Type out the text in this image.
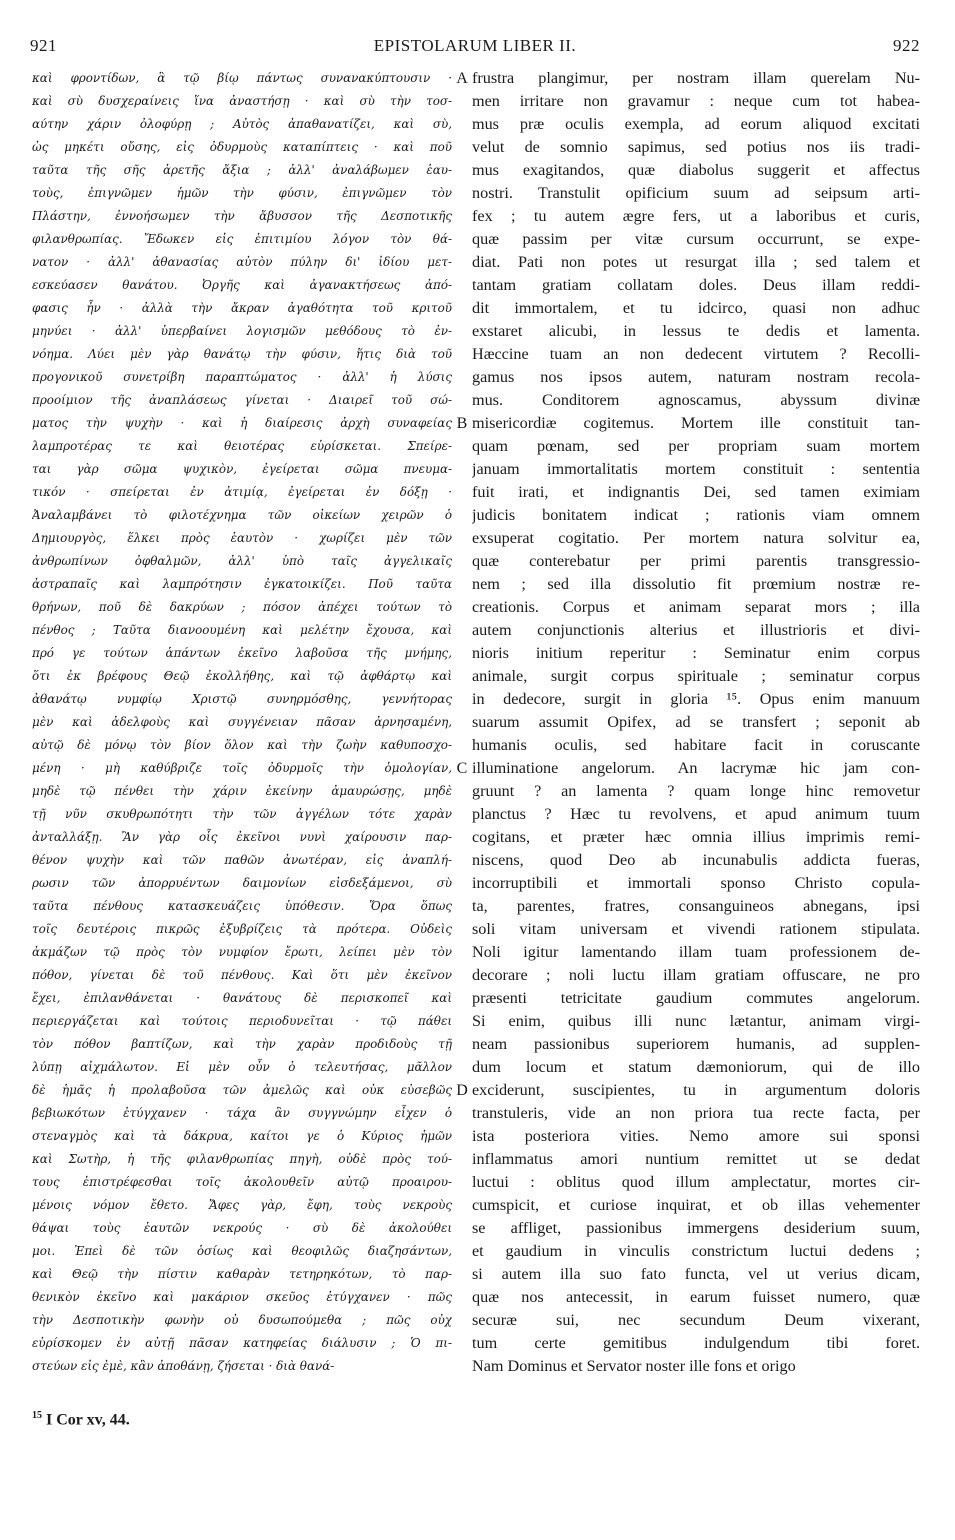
921	EPISTOLARUM LIBER II.	922
καὶ φροντίδων, ἃ τῷ βίῳ πάντως συνανακύπτουσιν ·
καὶ σὺ δυσχεραίνεις ἵνα ἀναστήσῃ · καὶ σὺ τὴν τοσ-
αύτην χάριν ὀλοφύρῃ ; Αὐτὸς ἀπαθανατίζει, καὶ σὺ,
ὡς μηκέτι οὔσης, εἰς ὀδυρμοὺς καταπίπτεις · καὶ ποῦ
ταῦτα τῆς σῆς ἀρετῆς ἄξια ; ἀλλ' ἀναλάβωμεν ἑαυ-
τοὺς, ἐπιγνῶμεν ἡμῶν τὴν φύσιν, ἐπιγνῶμεν τὸν
Πλάστην, ἐννοήσωμεν τὴν ἄβυσσον τῆς Δεσποτικῆς
φιλανθρωπίας. Ἔδωκεν εἰς ἐπιτιμίου λόγον τὸν θά-
νατον · ἀλλ' ἀθανασίας αὐτὸν πύλην δι' ἰδίου μετ-
εσκεύασεν θανάτου. Ὀργῆς καὶ ἀγανακτήσεως ἀπό-
φασις ἦν · ἀλλὰ τὴν ἄκραν ἀγαθότητα τοῦ κριτοῦ
μηνύει · ἀλλ' ὑπερβαίνει λογισμῶν μεθόδους τὸ ἐν-
νόημα. Λύει μὲν γὰρ θανάτῳ τὴν φύσιν, ἥτις διὰ τοῦ
προγονικοῦ συνετρίβη παραπτώματος · ἀλλ' ἡ λύσις
προοίμιον τῆς ἀναπλάσεως γίνεται · Διαιρεῖ τοῦ σώ-
ματος τὴν ψυχὴν · καὶ ἡ διαίρεσις ἀρχὴ συναφείας
λαμπροτέρας τε καὶ θειοτέρας εὑρίσκεται. Σπείρε-
ται γὰρ σῶμα ψυχικὸν, ἐγείρεται σῶμα πνευμα-
τικόν · σπείρεται ἐν ἀτιμίᾳ, ἐγείρεται ἐν δόξῃ ·
Ἀναλαμβάνει τὸ φιλοτέχνημα τῶν οἰκείων χειρῶν ὁ
Δημιουργὸς, ἕλκει πρὸς ἑαυτὸν · χωρίζει μὲν τῶν
ἀνθρωπίνων ὀφθαλμῶν, ἀλλ' ὑπὸ ταῖς ἀγγελικαῖς
ἀστραπαῖς καὶ λαμπρότησιν ἐγκατοικίζει. Ποῦ ταῦτα
θρήνων, ποῦ δὲ δακρύων ; πόσον ἀπέχει τούτων τὸ
πένθος ; Ταῦτα διανοουμένη καὶ μελέτην ἔχουσα, καὶ
πρό γε τούτων ἁπάντων ἐκεῖνο λαβοῦσα τῆς μνήμης,
ὅτι ἐκ βρέφους Θεῷ ἐκολλήθης, καὶ τῷ ἀφθάρτῳ καὶ
ἀθανάτῳ νυμφίῳ Χριστῷ συνηρμόσθης, γεννήτορας
μὲν καὶ ἀδελφοὺς καὶ συγγένειαν πᾶσαν ἀρνησαμένη,
αὐτῷ δὲ μόνῳ τὸν βίον ὅλον καὶ τὴν ζωὴν καθυποσχο-
μένη · μὴ καθύβριζε τοῖς ὀδυρμοῖς τὴν ὁμολογίαν,
μηδὲ τῷ πένθει τὴν χάριν ἐκείνην ἀμαυρώσῃς, μηδὲ
τῇ νῦν σκυθρωπότητι τὴν τῶν ἀγγέλων τότε χαρὰν
ἀνταλλάξῃ. Ἂν γὰρ οἷς ἐκεῖνοι νυνὶ χαίρουσιν παρ-
θένον ψυχὴν καὶ τῶν παθῶν ἀνωτέραν, εἰς ἀναπλή-
ρωσιν τῶν ἀπορρυέντων δαιμονίων εἰσδεξάμενοι, σὺ
ταῦτα πένθους κατασκευάζεις ὑπόθεσιν. Ὅρα ὅπως
τοῖς δευτέροις πικρῶς ἐξυβρίζεις τὰ πρότερα. Οὐδεὶς
ἀκμάζων τῷ πρὸς τὸν νυμφίον ἔρωτι, λείπει μὲν τὸν
πόθον, γίνεται δὲ τοῦ πένθους. Καὶ ὅτι μὲν ἐκεῖνον
ἔχει, ἐπιλανθάνεται · θανάτους δὲ περισκοπεῖ καὶ
περιεργάζεται καὶ τούτοις περιοδυνεῖται · τῷ πάθει
τὸν πόθον βαπτίζων, καὶ τὴν χαρὰν προδιδοὺς τῇ
λύπῃ αἰχμάλωτον. Εἰ μὲν οὖν ὁ τελευτήσας, μᾶλλον
δὲ ἡμᾶς ἡ προλαβοῦσα τῶν ἀμελῶς καὶ οὐκ εὐσεβῶς
βεβιωκότων ἐτύγχανεν · τάχα ἂν συγγνώμην εἶχεν ὁ
στεναγμὸς καὶ τὰ δάκρυα, καίτοι γε ὁ Κύριος ἡμῶν
καὶ Σωτὴρ, ἡ τῆς φιλανθρωπίας πηγὴ, οὐδὲ πρὸς τού-
τους ἐπιστρέφεσθαι τοῖς ἀκολουθεῖν αὐτῷ προαιρου-
μένοις νόμον ἔθετο. Ἄφες γὰρ, ἔφη, τοὺς νεκροὺς
θάψαι τοὺς ἑαυτῶν νεκρούς · σὺ δὲ ἀκολούθει
μοι. Ἐπεὶ δὲ τῶν ὁσίως καὶ θεοφιλῶς διαζησάντων,
καὶ Θεῷ τὴν πίστιν καθαρὰν τετηρηκότων, τὸ παρ-
θενικὸν ἐκεῖνο καὶ μακάριον σκεῦος ἐτύγχανεν · πῶς
τὴν Δεσποτικὴν φωνὴν οὐ δυσωπούμεθα ; πῶς οὐχ
εὑρίσκομεν ἐν αὐτῇ πᾶσαν κατηφείας διάλυσιν ; Ὁ πι-
στεύων εἰς ἐμὲ, κἂν ἀποθάνῃ, ζήσεται · διὰ θανά-
A
B
C
D
frustra plangimur, per nostram illam querelam Nu-
men irritare non gravamur : neque cum tot habea-
mus præ oculis exempla, ad eorum aliquod excitati
velut de somnio sapimus, sed potius nos iis tradi-
mus exagitandos, quæ diabolus suggerit et affectus
nostri. Transtulit opificium suum ad seipsum arti-
fex ; tu autem ægre fers, ut a laboribus et curis,
quæ passim per vitæ cursum occurrunt, se expe-
diat. Pati non potes ut resurgat illa ; sed talem et
tantam gratiam collatam doles. Deus illam reddi-
dit immortalem, et tu idcirco, quasi non adhuc
exstaret alicubi, in lessus te dedis et lamenta.
Hæccine tuam an non dedecent virtutem ? Recolli-
gamus nos ipsos autem, naturam nostram recola-
mus. Conditorem agnoscamus, abyssum divinæ
misericordiæ cogitemus. Mortem ille constituit tan-
quam pœnam, sed per propriam suam mortem
januam immortalitatis mortem constituit : sententia
fuit irati, et indignantis Dei, sed tamen eximiam
judicis bonitatem indicat ; rationis viam omnem
exsuperat cogitatio. Per mortem natura solvitur ea,
quæ conterebatur per primi parentis transgressio-
nem ; sed illa dissolutio fit prœmium nostræ re-
creationis. Corpus et animam separat mors ; illa
autem conjunctionis alterius et illustrioris et divi-
nioris initium reperitur : Seminatur enim corpus
animale, surgit corpus spirituale ; seminatur corpus
in dedecore, surgit in gloria ¹⁵. Opus enim manuum
suarum assumit Opifex, ad se transfert ; seponit ab
humanis oculis, sed habitare facit in coruscante
illuminatione angelorum. An lacrymæ hic jam con-
gruunt ? an lamenta ? quam longe hinc removetur
planctus ? Hæc tu revolvens, et apud animum tuum
cogitans, et præter hæc omnia illius imprimis remi-
niscens, quod Deo ab incunabulis addicta fueras,
incorruptibili et immortali sponso Christo copula-
ta, parentes, fratres, consanguineos abnegans, ipsi
soli vitam universam et vivendi rationem stipulata.
Noli igitur lamentando illam tuam professionem de-
decorare ; noli luctu illam gratiam offuscare, ne pro
præsenti tetricitate gaudium commutes angelorum.
Si enim, quibus illi nunc lætantur, animam virgi-
neam passionibus superiorem humanis, ad supplen-
dum locum et statum dæmoniorum, qui de illo
exciderunt, suscipientes, tu in argumentum doloris
transtuleris, vide an non priora tua recte facta, per
ista posteriora vities. Nemo amore sui sponsi
inflammatus amori nuntium remittet ut se dedat
luctui : oblitus quod illum amplectatur, mortes cir-
cumspicit, et curiose inquirat, et ob illas vehementer
se affliget, passionibus immergens desiderium suum,
et gaudium in vinculis constrictum luctui dedens ;
si autem illa suo fato functa, vel ut verius dicam,
quæ nos antecessit, in earum fuisset numero, quæ
securæ sui, nec secundum Deum vixerant,
tum certe gemitibus indulgendum tibi foret.
Nam Dominus et Servator noster ille fons et origo
$^{15}$ I Cor xv, 44.
